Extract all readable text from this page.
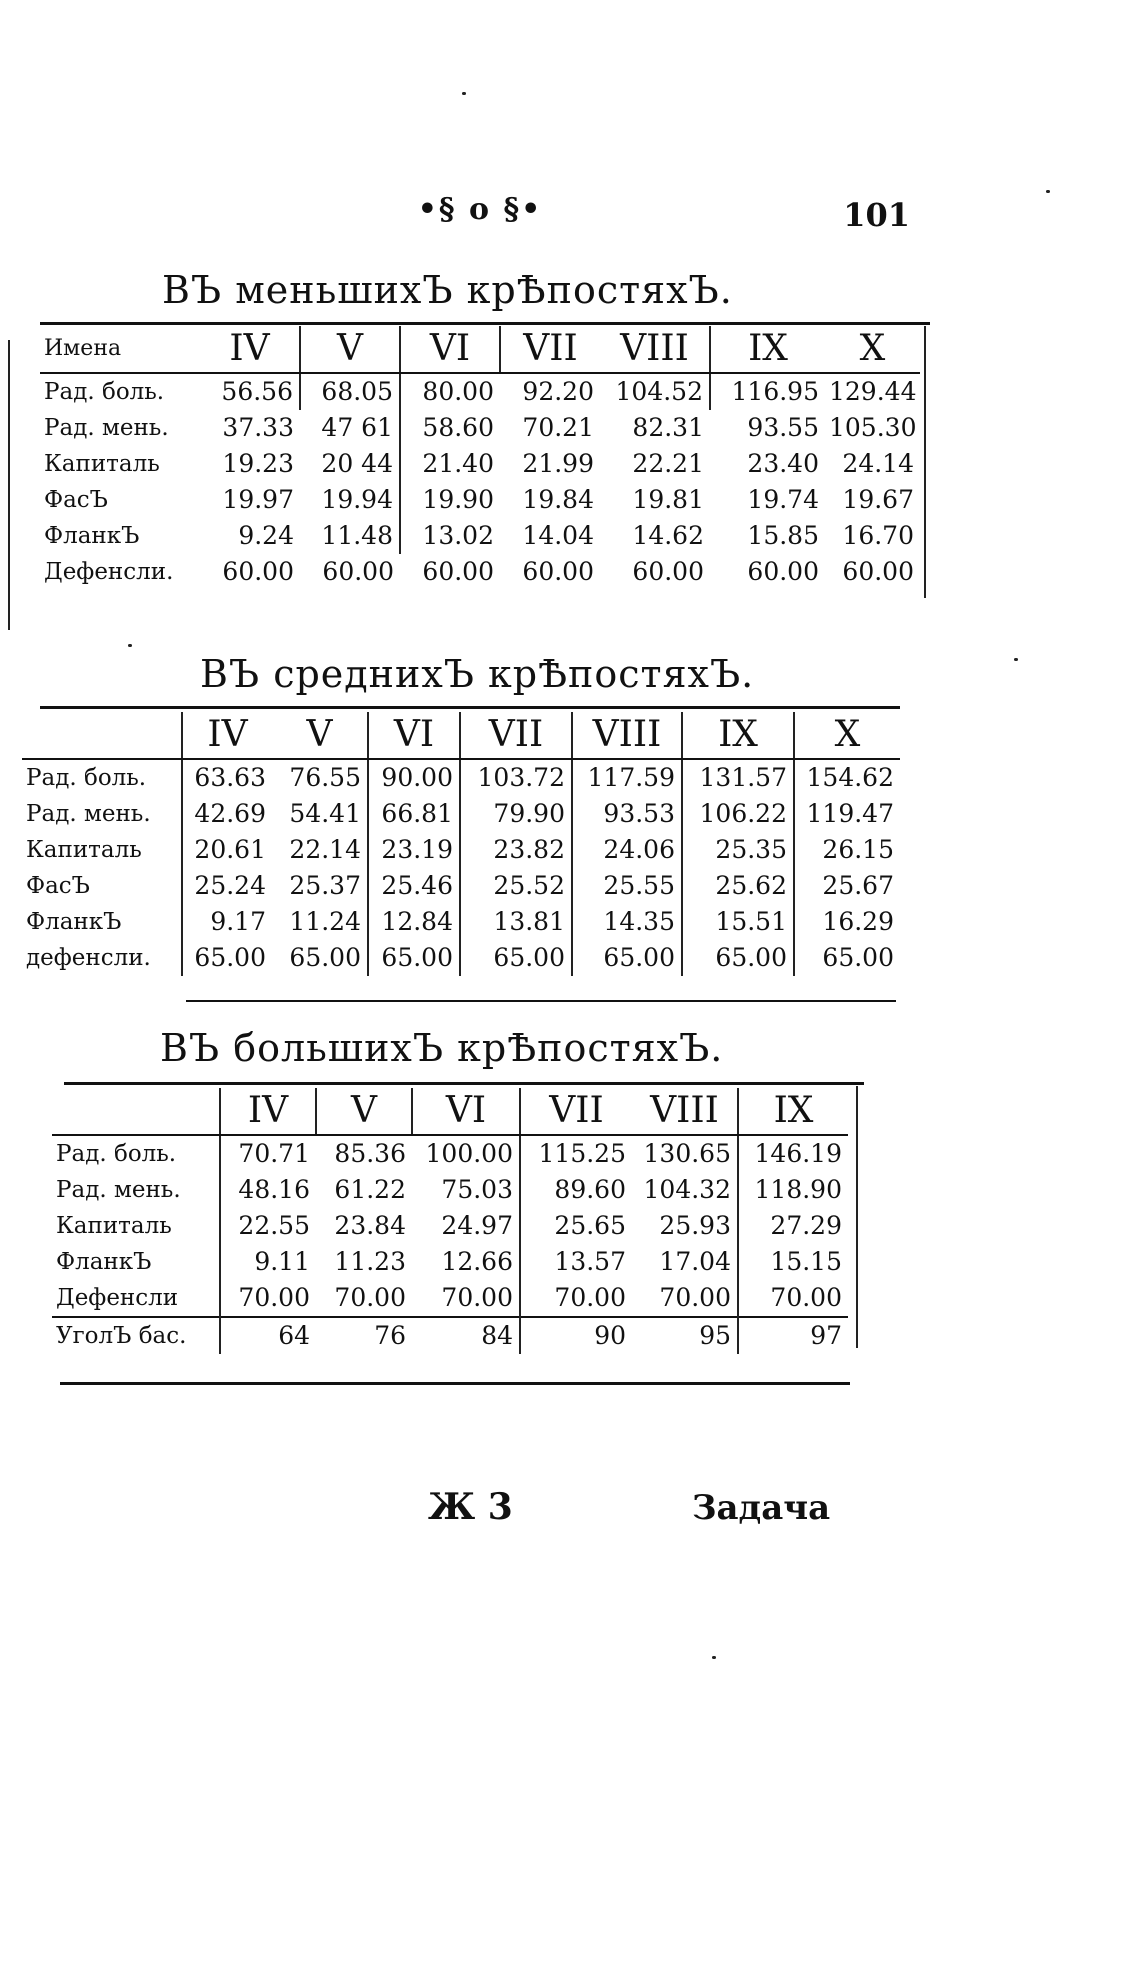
•§ o §•	101
ВЪ меньшихЪ крѢпостяхЪ.
Имена	IV	V	VI	VII	VIII	IX	X
Рад. боль.	56.56	68.05	80.00	92.20	104.52	116.95	129.44
Рад. мень.	37.33	47 61	58.60	70.21	82.31	93.55	105.30
Капиталь	19.23	20 44	21.40	21.99	22.21	23.40	24.14
ФасЪ	19.97	19.94	19.90	19.84	19.81	19.74	19.67
ФланкЪ	9.24	11.48	13.02	14.04	14.62	15.85	16.70
Дефенсли.	60.00	60.00	60.00	60.00	60.00	60.00	60.00
ВЪ среднихЪ крѢпостяхЪ.
	IV	V	VI	VII	VIII	IX	X
Рад. боль.	63.63	76.55	90.00	103.72	117.59	131.57	154.62
Рад. мень.	42.69	54.41	66.81	79.90	93.53	106.22	119.47
Капиталь	20.61	22.14	23.19	23.82	24.06	25.35	26.15
ФасЪ	25.24	25.37	25.46	25.52	25.55	25.62	25.67
ФланкЪ	9.17	11.24	12.84	13.81	14.35	15.51	16.29
дефенсли.	65.00	65.00	65.00	65.00	65.00	65.00	65.00
ВЪ большихЪ крѢпостяхЪ.
	IV	V	VI	VII	VIII	IX
Рад. боль.	70.71	85.36	100.00	115.25	130.65	146.19
Рад. мень.	48.16	61.22	75.03	89.60	104.32	118.90
Капиталь	22.55	23.84	24.97	25.65	25.93	27.29
ФланкЪ	9.11	11.23	12.66	13.57	17.04	15.15
Дефенсли	70.00	70.00	70.00	70.00	70.00	70.00
УголЪ бас.	64	76	84	90	95	97
Ж 3	Задача
